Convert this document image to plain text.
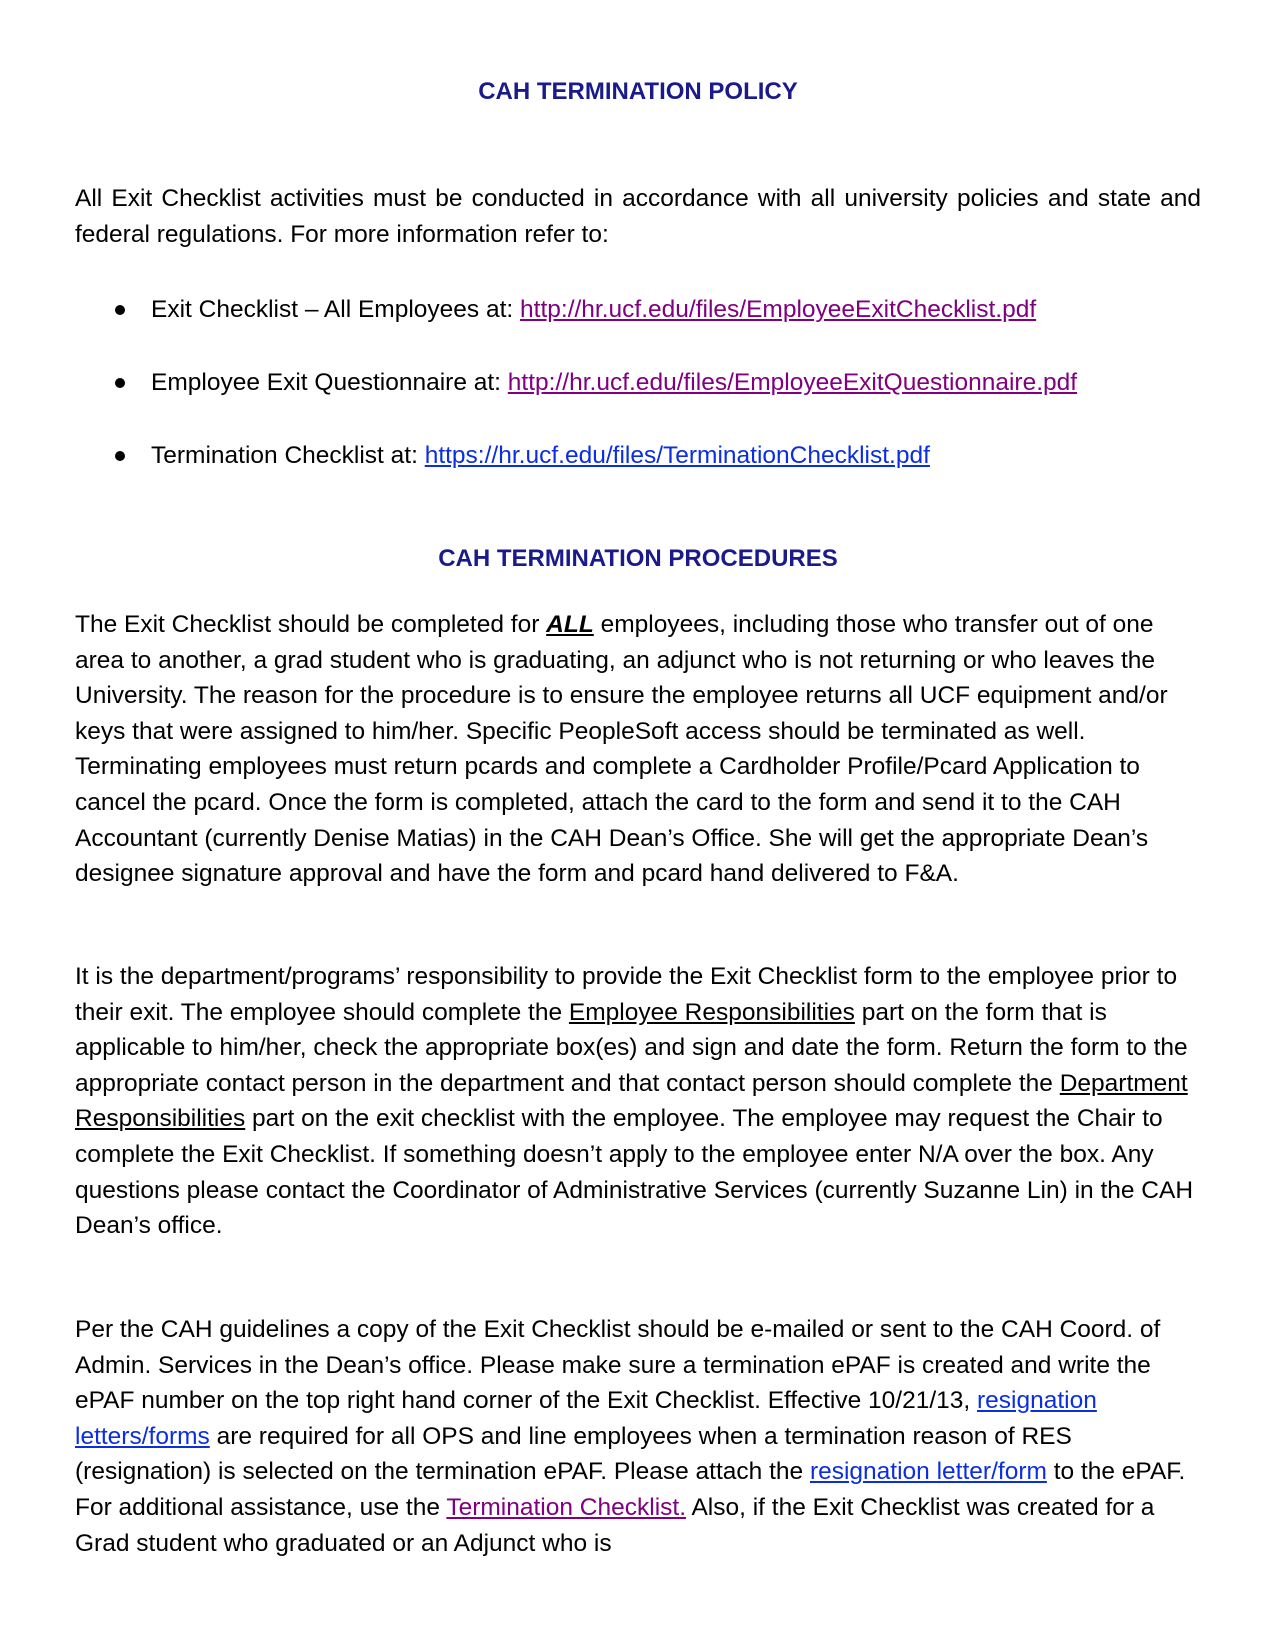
CAH TERMINATION POLICY

All Exit Checklist activities must be conducted in accordance with all university policies and state and federal regulations. For more information refer to:

Exit Checklist – All Employees at: http://hr.ucf.edu/files/EmployeeExitChecklist.pdf
Employee Exit Questionnaire at: http://hr.ucf.edu/files/EmployeeExitQuestionnaire.pdf
Termination Checklist at: https://hr.ucf.edu/files/TerminationChecklist.pdf
CAH TERMINATION PROCEDURES

The Exit Checklist should be completed for ALL employees, including those who transfer out of one area to another, a grad student who is graduating, an adjunct who is not returning or who leaves the University. The reason for the procedure is to ensure the employee returns all UCF equipment and/or keys that were assigned to him/her. Specific PeopleSoft access should be terminated as well. Terminating employees must return pcards and complete a Cardholder Profile/Pcard Application to cancel the pcard. Once the form is completed, attach the card to the form and send it to the CAH Accountant (currently Denise Matias) in the CAH Dean’s Office. She will get the appropriate Dean’s designee signature approval and have the form and pcard hand delivered to F&A.

It is the department/programs’ responsibility to provide the Exit Checklist form to the employee prior to their exit. The employee should complete the Employee Responsibilities part on the form that is applicable to him/her, check the appropriate box(es) and sign and date the form. Return the form to the appropriate contact person in the department and that contact person should complete the Department Responsibilities part on the exit checklist with the employee. The employee may request the Chair to complete the Exit Checklist. If something doesn’t apply to the employee enter N/A over the box. Any questions please contact the Coordinator of Administrative Services (currently Suzanne Lin) in the CAH Dean’s office.

Per the CAH guidelines a copy of the Exit Checklist should be e-mailed or sent to the CAH Coord. of Admin. Services in the Dean’s office. Please make sure a termination ePAF is created and write the ePAF number on the top right hand corner of the Exit Checklist. Effective 10/21/13, resignation letters/forms are required for all OPS and line employees when a termination reason of RES (resignation) is selected on the termination ePAF. Please attach the resignation letter/form to the ePAF. For additional assistance, use the Termination Checklist. Also, if the Exit Checklist was created for a Grad student who graduated or an Adjunct who is
